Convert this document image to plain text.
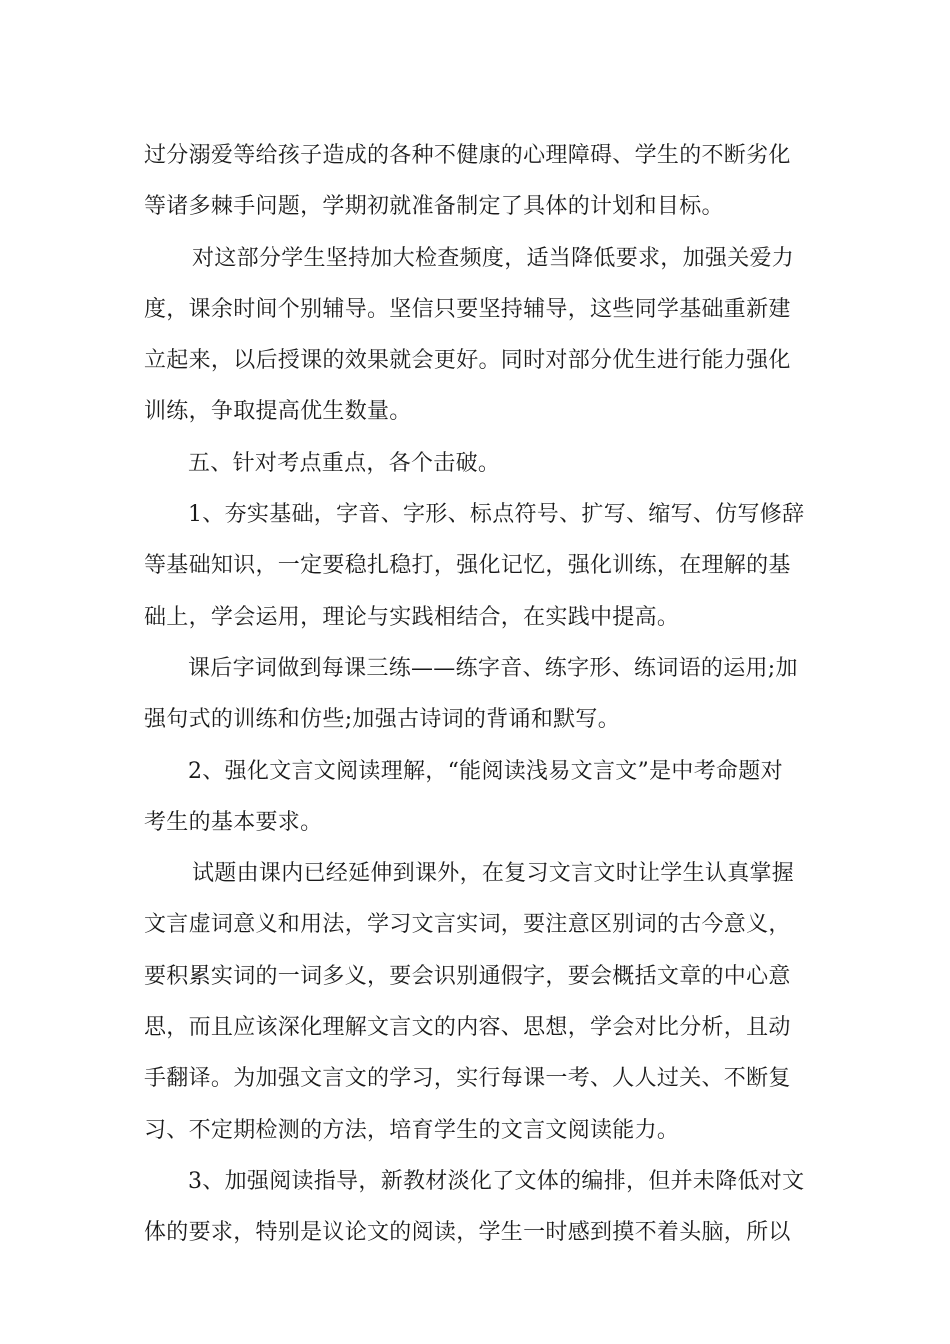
过分溺爱等给孩子造成的各种不健康的心理障碍、学生的不断劣化
等诸多棘手问题，学期初就准备制定了具体的计划和目标。
对这部分学生坚持加大检查频度，适当降低要求，加强关爱力
度，课余时间个别辅导。坚信只要坚持辅导，这些同学基础重新建
立起来，以后授课的效果就会更好。同时对部分优生进行能力强化
训练，争取提高优生数量。
五、针对考点重点，各个击破。
1、夯实基础，字音、字形、标点符号、扩写、缩写、仿写修辞
等基础知识，一定要稳扎稳打，强化记忆，强化训练，在理解的基
础上，学会运用，理论与实践相结合，在实践中提高。
课后字词做到每课三练——练字音、练字形、练词语的运用;加
强句式的训练和仿些;加强古诗词的背诵和默写。
2、强化文言文阅读理解，“能阅读浅易文言文”是中考命题对
考生的基本要求。
试题由课内已经延伸到课外，在复习文言文时让学生认真掌握
文言虚词意义和用法，学习文言实词，要注意区别词的古今意义，
要积累实词的一词多义，要会识别通假字，要会概括文章的中心意
思，而且应该深化理解文言文的内容、思想，学会对比分析，且动
手翻译。为加强文言文的学习，实行每课一考、人人过关、不断复
习、不定期检测的方法，培育学生的文言文阅读能力。
3、加强阅读指导，新教材淡化了文体的编排，但并未降低对文
体的要求，特别是议论文的阅读，学生一时感到摸不着头脑，所以
